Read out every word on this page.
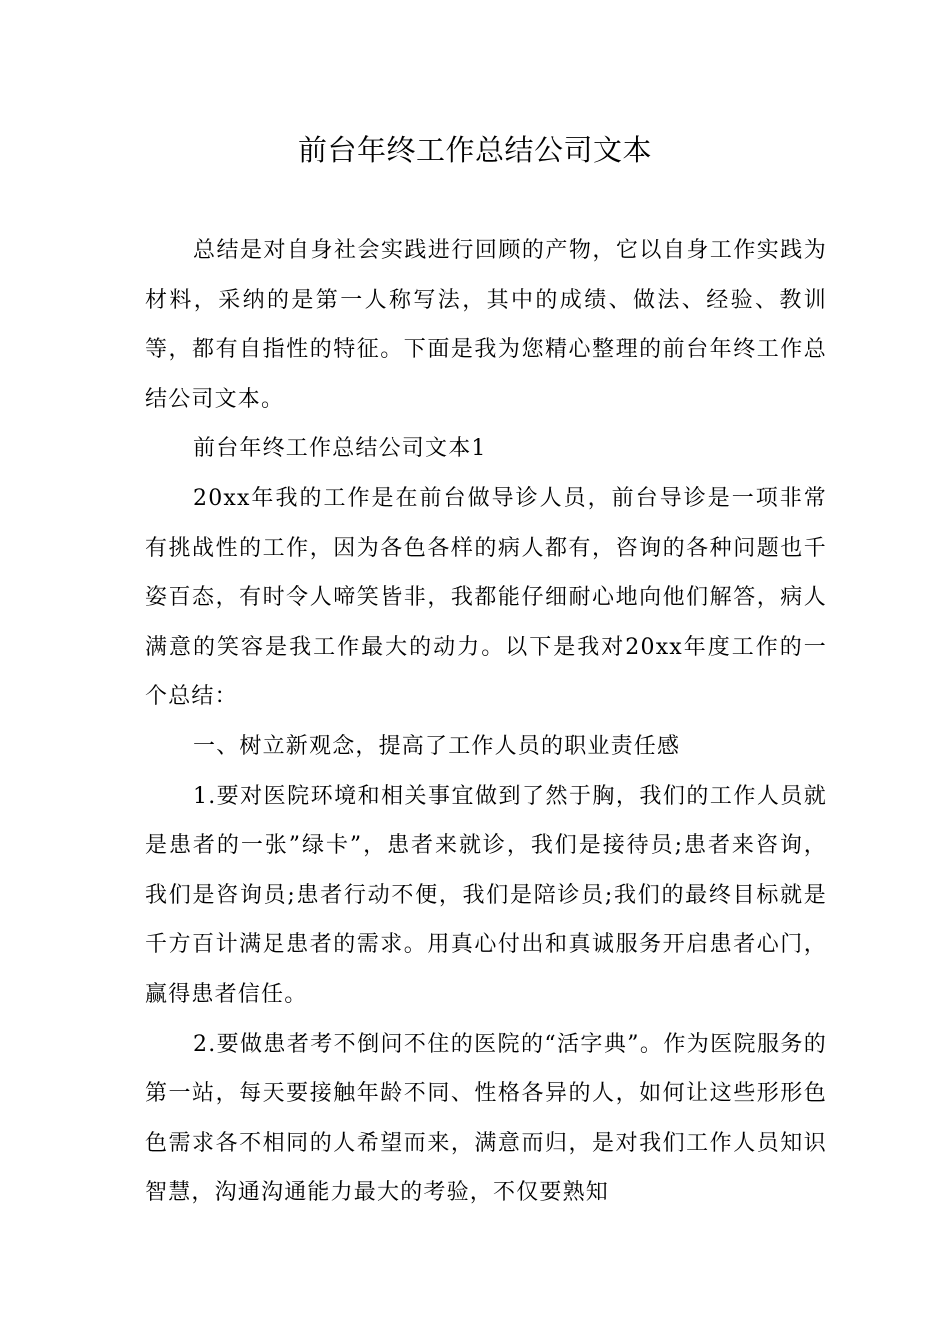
前台年终工作总结公司文本

总结是对自身社会实践进行回顾的产物，它以自身工作实践为材料，采纳的是第一人称写法，其中的成绩、做法、经验、教训等，都有自指性的特征。下面是我为您精心整理的前台年终工作总结公司文本。

前台年终工作总结公司文本1

20xx年我的工作是在前台做导诊人员，前台导诊是一项非常有挑战性的工作，因为各色各样的病人都有，咨询的各种问题也千姿百态，有时令人啼笑皆非，我都能仔细耐心地向他们解答，病人满意的笑容是我工作最大的动力。以下是我对20xx年度工作的一个总结：

一、树立新观念，提高了工作人员的职业责任感

1.要对医院环境和相关事宜做到了然于胸，我们的工作人员就是患者的一张”绿卡”，患者来就诊，我们是接待员;患者来咨询，我们是咨询员;患者行动不便，我们是陪诊员;我们的最终目标就是千方百计满足患者的需求。用真心付出和真诚服务开启患者心门，赢得患者信任。

2.要做患者考不倒问不住的医院的“活字典”。作为医院服务的第一站，每天要接触年龄不同、性格各异的人，如何让这些形形色色需求各不相同的人希望而来，满意而归，是对我们工作人员知识智慧，沟通沟通能力最大的考验，不仅要熟知
